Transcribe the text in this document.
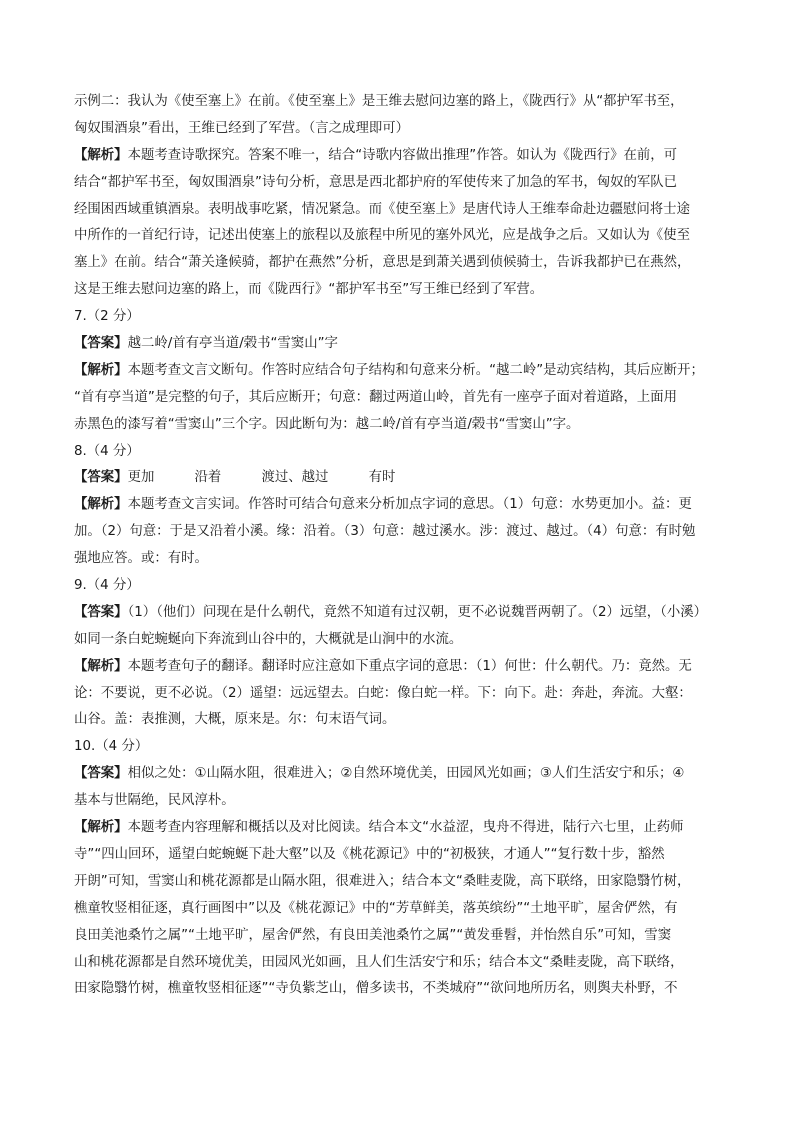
示例二：我认为《使至塞上》在前。《使至塞上》是王维去慰问边塞的路上，《陇西行》从“都护军书至，
匈奴围酒泉”看出，王维已经到了军营。（言之成理即可）
【解析】本题考查诗歌探究。答案不唯一，结合“诗歌内容做出推理”作答。如认为《陇西行》在前，可
结合“都护军书至，匈奴围酒泉”诗句分析，意思是西北都护府的军使传来了加急的军书，匈奴的军队已
经围困西域重镇酒泉。表明战事吃紧，情况紧急。而《使至塞上》是唐代诗人王维奉命赴边疆慰问将士途
中所作的一首纪行诗，记述出使塞上的旅程以及旅程中所见的塞外风光，应是战争之后。又如认为《使至
塞上》在前。结合“萧关逢候骑，都护在燕然”分析，意思是到萧关遇到侦候骑士，告诉我都护已在燕然，
这是王维去慰问边塞的路上，而《陇西行》“都护军书至”写王维已经到了军营。
7.（2 分）
【答案】越二岭/首有亭当道/榖书“雪窦山”字
【解析】本题考查文言文断句。作答时应结合句子结构和句意来分析。“越二岭”是动宾结构，其后应断开；
“首有亭当道”是完整的句子，其后应断开；句意：翻过两道山岭，首先有一座亭子面对着道路，上面用
赤黑色的漆写着“雪窦山”三个字。因此断句为：越二岭/首有亭当道/榖书“雪窦山”字。
8.（4 分）
【答案】更加　　　沿着　　　渡过、越过　　　有时
【解析】本题考查文言实词。作答时可结合句意来分析加点字词的意思。（1）句意：水势更加小。益：更
加。（2）句意：于是又沿着小溪。缘：沿着。（3）句意：越过溪水。涉：渡过、越过。（4）句意：有时勉
强地应答。或：有时。
9.（4 分）
【答案】（1）（他们）问现在是什么朝代，竟然不知道有过汉朝，更不必说魏晋两朝了。（2）远望，（小溪）
如同一条白蛇蜿蜒向下奔流到山谷中的，大概就是山涧中的水流。
【解析】本题考查句子的翻译。翻译时应注意如下重点字词的意思：（1）何世：什么朝代。乃：竟然。无
论：不要说，更不必说。（2）遥望：远远望去。白蛇：像白蛇一样。下：向下。赴：奔赴，奔流。大壑：
山谷。盖：表推测，大概，原来是。尔：句末语气词。
10.（4 分）
【答案】相似之处：①山隔水阻，很难进入；②自然环境优美，田园风光如画；③人们生活安宁和乐；④
基本与世隔绝，民风淳朴。
【解析】本题考查内容理解和概括以及对比阅读。结合本文“水益涩，曳舟不得进，陆行六七里，止药师
寺”“四山回环，遥望白蛇蜿蜒下赴大壑”以及《桃花源记》中的“初极狭，才通人”“复行数十步，豁然
开朗”可知，雪窦山和桃花源都是山隔水阻，很难进入；结合本文“桑畦麦陇，高下联络，田家隐翳竹树，
樵童牧竖相征逐，真行画图中”以及《桃花源记》中的“芳草鲜美，落英缤纷”“土地平旷，屋舍俨然，有
良田美池桑竹之属”“土地平旷，屋舍俨然，有良田美池桑竹之属”“黄发垂髫，并怡然自乐”可知，雪窦
山和桃花源都是自然环境优美，田园风光如画，且人们生活安宁和乐；结合本文“桑畦麦陇，高下联络，
田家隐翳竹树，樵童牧竖相征逐”“寺负紫芝山，僧多读书，不类城府”“欲问地所历名，则舆夫朴野，不
